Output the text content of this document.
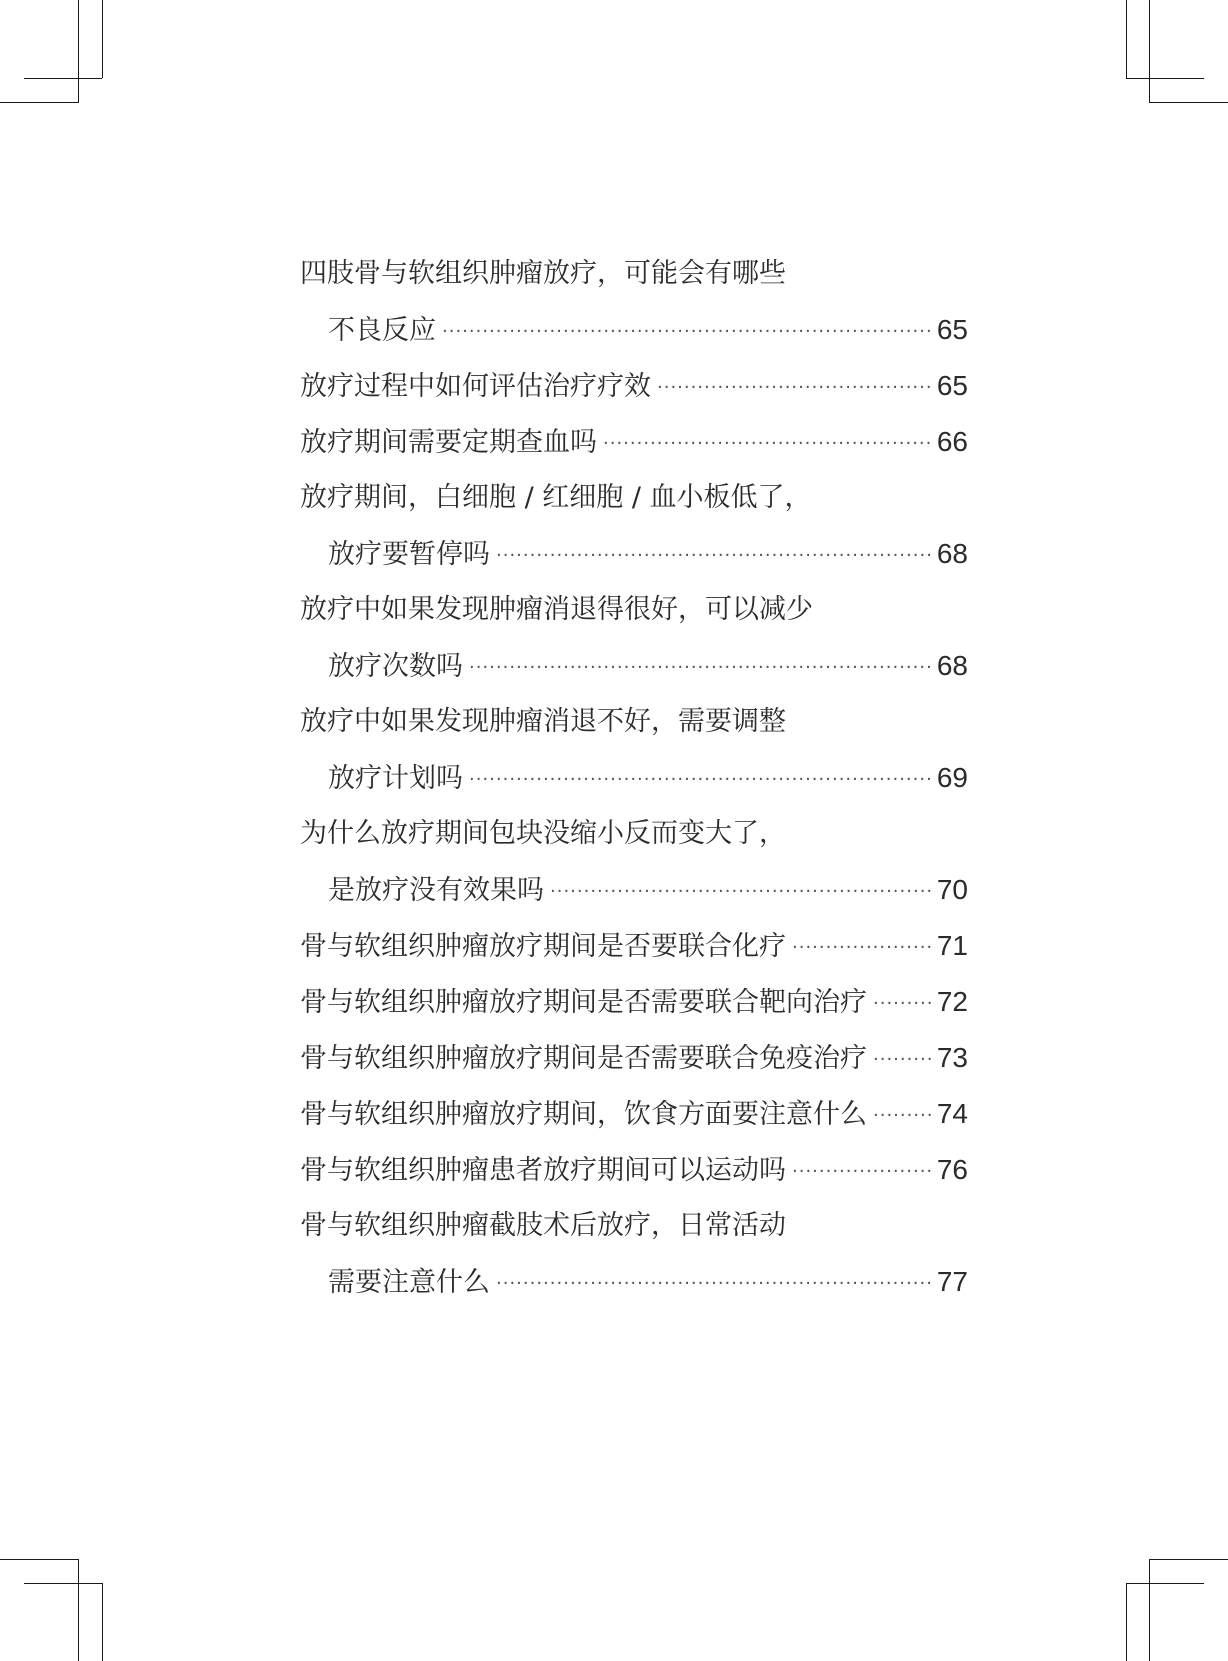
四肢骨与软组织肿瘤放疗，可能会有哪些
不良反应 ·····	65
放疗过程中如何评估治疗疗效 ·····	65
放疗期间需要定期查血吗 ·····	66
放疗期间，白细胞 / 红细胞 / 血小板低了，
放疗要暂停吗 ·····	68
放疗中如果发现肿瘤消退得很好，可以减少
放疗次数吗 ·····	68
放疗中如果发现肿瘤消退不好，需要调整
放疗计划吗 ·····	69
为什么放疗期间包块没缩小反而变大了，
是放疗没有效果吗 ·····	70
骨与软组织肿瘤放疗期间是否要联合化疗 ·····	71
骨与软组织肿瘤放疗期间是否需要联合靶向治疗 ····· 72
骨与软组织肿瘤放疗期间是否需要联合免疫治疗 ····· 73
骨与软组织肿瘤放疗期间，饮食方面要注意什么 ····· 74
骨与软组织肿瘤患者放疗期间可以运动吗 ·····	76
骨与软组织肿瘤截肢术后放疗，日常活动
需要注意什么 ·····	77
